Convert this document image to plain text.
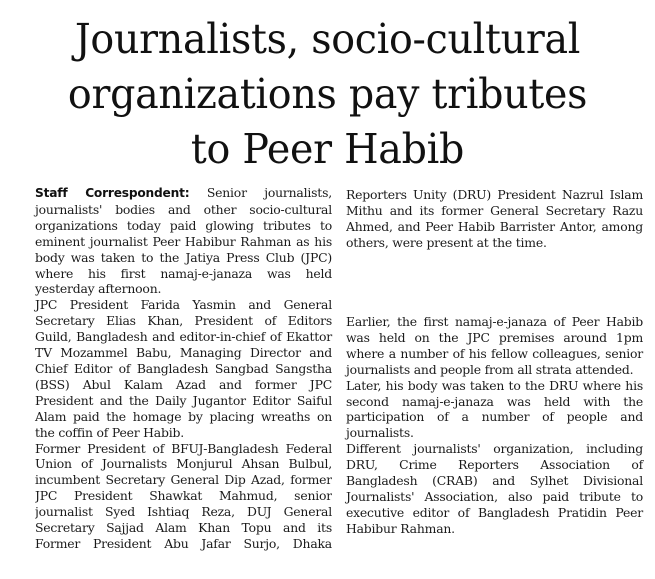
Journalists, socio-cultural
organizations pay tributes
to Peer Habib

Staff Correspondent: Senior journalists, journalists' bodies and other socio-cultural organizations today paid glowing tributes to eminent journalist Peer Habibur Rahman as his body was taken to the Jatiya Press Club (JPC) where his first namaj-e-janaza was held yesterday afternoon.

JPC President Farida Yasmin and General Secretary Elias Khan, President of Editors Guild, Bangladesh and editor-in-chief of Ekattor TV Mozammel Babu, Managing Director and Chief Editor of Bangladesh Sangbad Sangstha (BSS) Abul Kalam Azad and former JPC President and the Daily Jugantor Editor Saiful Alam paid the homage by placing wreaths on the coffin of Peer Habib.

Former President of BFUJ-Bangladesh Federal Union of Journalists Monjurul Ahsan Bulbul, incumbent Secretary General Dip Azad, former JPC President Shawkat Mahmud, senior journalist Syed Ishtiaq Reza, DUJ General Secretary Sajjad Alam Khan Topu and its Former President Abu Jafar Surjo, Dhaka

Reporters Unity (DRU) President Nazrul Islam Mithu and its former General Secretary Razu Ahmed, and Peer Habib Barrister Antor, among others, were present at the time.

Earlier, the first namaj-e-janaza of Peer Habib was held on the JPC premises around 1pm where a number of his fellow colleagues, senior journalists and people from all strata attended.

Later, his body was taken to the DRU where his second namaj-e-janaza was held with the participation of a number of people and journalists.

Different journalists' organization, including DRU, Crime Reporters Association of Bangladesh (CRAB) and Sylhet Divisional Journalists' Association, also paid tribute to executive editor of Bangladesh Pratidin Peer Habibur Rahman.
